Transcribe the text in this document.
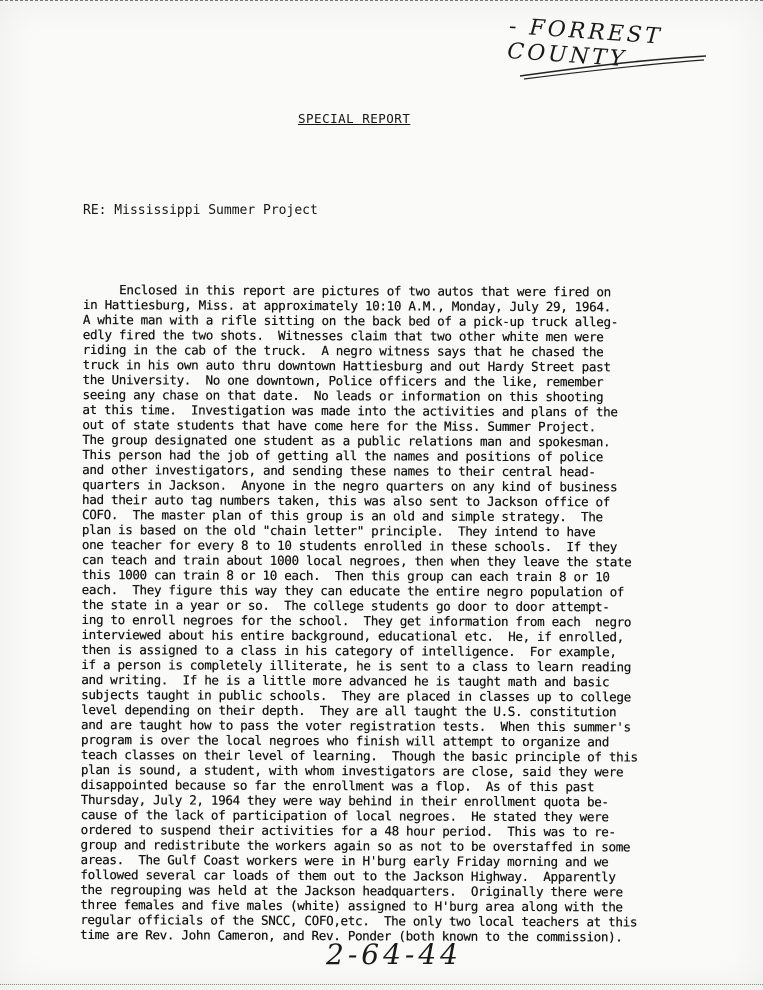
- FORREST COUNTY
SPECIAL REPORT
RE: Mississippi Summer Project
Enclosed in this report are pictures of two autos that were fired on
in Hattiesburg, Miss. at approximately 10:10 A.M., Monday, July 29, 1964.
A white man with a rifle sitting on the back bed of a pick-up truck alleg-
edly fired the two shots.  Witnesses claim that two other white men were
riding in the cab of the truck.  A negro witness says that he chased the
truck in his own auto thru downtown Hattiesburg and out Hardy Street past
the University.  No one downtown, Police officers and the like, remember
seeing any chase on that date.  No leads or information on this shooting
at this time.  Investigation was made into the activities and plans of the
out of state students that have come here for the Miss. Summer Project.
The group designated one student as a public relations man and spokesman.
This person had the job of getting all the names and positions of police
and other investigators, and sending these names to their central head-
quarters in Jackson.  Anyone in the negro quarters on any kind of business
had their auto tag numbers taken, this was also sent to Jackson office of
COFO.  The master plan of this group is an old and simple strategy.  The
plan is based on the old "chain letter" principle.  They intend to have
one teacher for every 8 to 10 students enrolled in these schools.  If they
can teach and train about 1000 local negroes, then when they leave the state
this 1000 can train 8 or 10 each.  Then this group can each train 8 or 10
each.  They figure this way they can educate the entire negro population of
the state in a year or so.  The college students go door to door attempt-
ing to enroll negroes for the school.  They get information from each  negro
interviewed about his entire background, educational etc.  He, if enrolled,
then is assigned to a class in his category of intelligence.  For example,
if a person is completely illiterate, he is sent to a class to learn reading
and writing.  If he is a little more advanced he is taught math and basic
subjects taught in public schools.  They are placed in classes up to college
level depending on their depth.  They are all taught the U.S. constitution
and are taught how to pass the voter registration tests.  When this summer's
program is over the local negroes who finish will attempt to organize and
teach classes on their level of learning.  Though the basic principle of this
plan is sound, a student, with whom investigators are close, said they were
disappointed because so far the enrollment was a flop.  As of this past
Thursday, July 2, 1964 they were way behind in their enrollment quota be-
cause of the lack of participation of local negroes.  He stated they were
ordered to suspend their activities for a 48 hour period.  This was to re-
group and redistribute the workers again so as not to be overstaffed in some
areas.  The Gulf Coast workers were in H'burg early Friday morning and we
followed several car loads of them out to the Jackson Highway.  Apparently
the regrouping was held at the Jackson headquarters.  Originally there were
three females and five males (white) assigned to H'burg area along with the
regular officials of the SNCC, COFO,etc.  The only two local teachers at this
time are Rev. John Cameron, and Rev. Ponder (both known to the commission).
2-64-44
